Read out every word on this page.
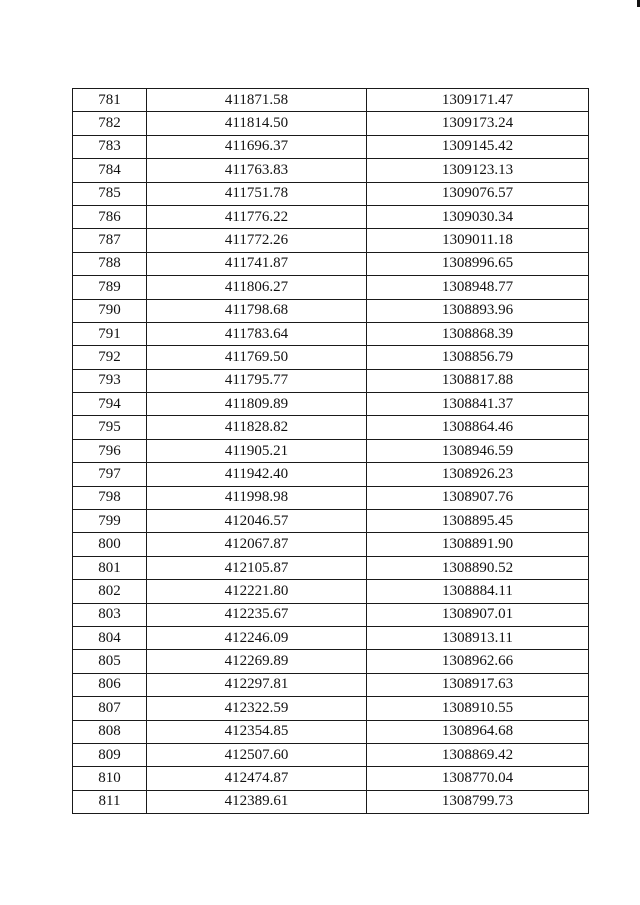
781	411871.58	1309171.47
782	411814.50	1309173.24
783	411696.37	1309145.42
784	411763.83	1309123.13
785	411751.78	1309076.57
786	411776.22	1309030.34
787	411772.26	1309011.18
788	411741.87	1308996.65
789	411806.27	1308948.77
790	411798.68	1308893.96
791	411783.64	1308868.39
792	411769.50	1308856.79
793	411795.77	1308817.88
794	411809.89	1308841.37
795	411828.82	1308864.46
796	411905.21	1308946.59
797	411942.40	1308926.23
798	411998.98	1308907.76
799	412046.57	1308895.45
800	412067.87	1308891.90
801	412105.87	1308890.52
802	412221.80	1308884.11
803	412235.67	1308907.01
804	412246.09	1308913.11
805	412269.89	1308962.66
806	412297.81	1308917.63
807	412322.59	1308910.55
808	412354.85	1308964.68
809	412507.60	1308869.42
810	412474.87	1308770.04
811	412389.61	1308799.73
